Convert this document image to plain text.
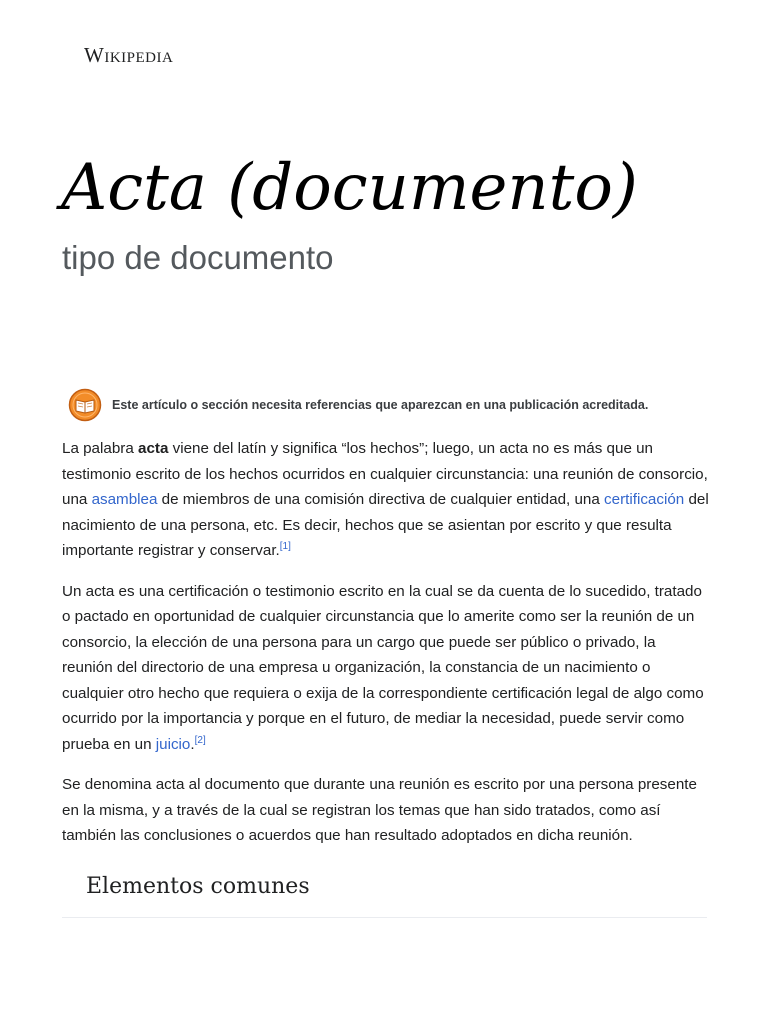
Wikipedia
Acta (documento)
tipo de documento
Este artículo o sección necesita referencias que aparezcan en una publicación acreditada.

La palabra acta viene del latín y significa “los hechos”; luego, un acta no es más que un testimonio escrito de los hechos ocurridos en cualquier circunstancia: una reunión de consorcio, una asamblea de miembros de una comisión directiva de cualquier entidad, una certificación del nacimiento de una persona, etc. Es decir, hechos que se asientan por escrito y que resulta importante registrar y conservar.[1]

Un acta es una certificación o testimonio escrito en la cual se da cuenta de lo sucedido, tratado o pactado en oportunidad de cualquier circunstancia que lo amerite como ser la reunión de un consorcio, la elección de una persona para un cargo que puede ser público o privado, la reunión del directorio de una empresa u organización, la constancia de un nacimiento o cualquier otro hecho que requiera o exija de la correspondiente certificación legal de algo como ocurrido por la importancia y porque en el futuro, de mediar la necesidad, puede servir como prueba en un juicio.[2]

Se denomina acta al documento que durante una reunión es escrito por una persona presente en la misma, y a través de la cual se registran los temas que han sido tratados, como así también las conclusiones o acuerdos que han resultado adoptados en dicha reunión.

Elementos comunes
